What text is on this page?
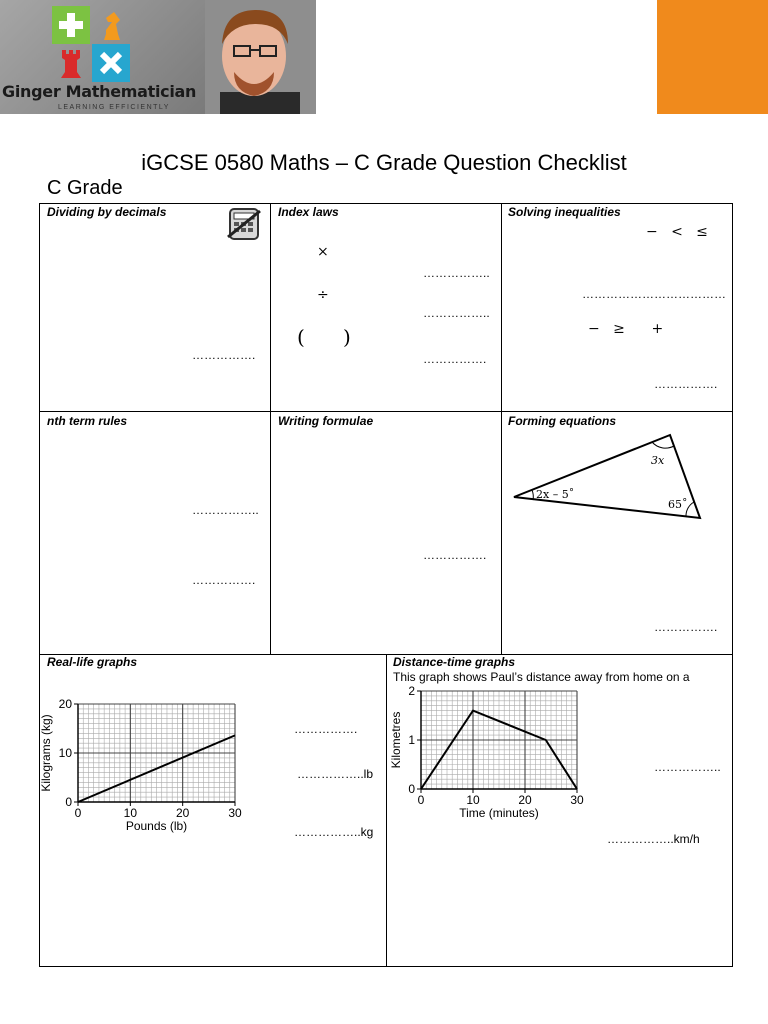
Ginger Mathematician
LEARNING EFFICIENTLY
iGCSE 0580 Maths – C Grade Question Checklist
C Grade
Dividing by decimals
…………….
Index laws
×
÷
(      )
……………..
……………..
…………….
Solving inequalities
−   <   ≤
………………………………
−   ≥      +
…………….
nth term rules
……………..
…………….
Writing formulae
…………….
Forming equations
3x
2x – 5˚
65˚
…………….
Real-life graphs
0	10	20	30
0
10
20
Pounds (lb)
Kilograms (kg)	…………….
……………..lb
……………..kg
Distance-time graphs
This graph shows Paul’s distance away from home on a
0	10	20	30
0
1
2
Time (minutes)
Kilometres	……………..
……………..km/h
